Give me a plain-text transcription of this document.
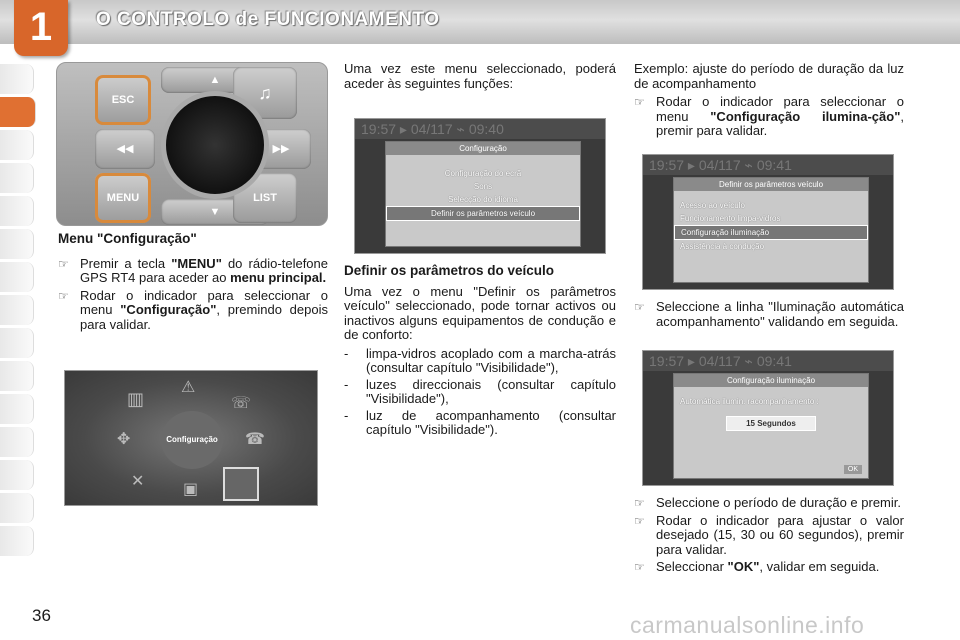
1	O CONTROLO de FUNCIONAMENTO
ESC
▲
♫
◀◀	▶▶
MENU
▼
LIST
Menu "Configuração"
☞ Premir a tecla "MENU" do rádio-telefone GPS RT4 para aceder ao menu principal.
☞ Rodar o indicador para seleccionar o menu "Configuração", premindo depois para validar.
Configuração
▥
⚠
☏
✥	☎
✕ ▣
Uma vez este menu seleccionado, poderá aceder às seguintes funções:
19:57 ▸ 04/117 ⌁ 09:40
Configuração
Configuração do ecrã
Sons
Selecção do idioma
Definir os parâmetros veículo
Definir os parâmetros do veículo
Uma vez o menu "Definir os parâmetros veículo" seleccionado, pode tornar activos ou inactivos alguns equipamentos de condução e de conforto:
-	limpa-vidros acoplado com a marcha-atrás (consultar capítulo "Visibilidade"),
-	luzes direccionais (consultar capítulo "Visibilidade"),
-	luz de acompanhamento (consultar capítulo "Visibilidade").
Exemplo: ajuste do período de duração da luz de acompanhamento
☞ Rodar o indicador para seleccionar o menu "Configuração ilumina-ção", premir para validar.
19:57 ▸ 04/117 ⌁ 09:41
Definir os parâmetros veículo
Acesso ao veículo
Funcionamento limpa-vidros
Configuração iluminação
Assistência à condução
☞ Seleccione a linha "Iluminação automática acompanhamento" validando em seguida.
19:57 ▸ 04/117 ⌁ 09:41
Configuração iluminação
Automática ilumin. racompanhamento :
15 Segundos
OK
☞ Seleccione o período de duração e premir.
☞ Rodar o indicador para ajustar o valor desejado (15, 30 ou 60 segundos), premir para validar.
☞ Seleccionar "OK", validar em seguida.
36	carmanualsonline.info
